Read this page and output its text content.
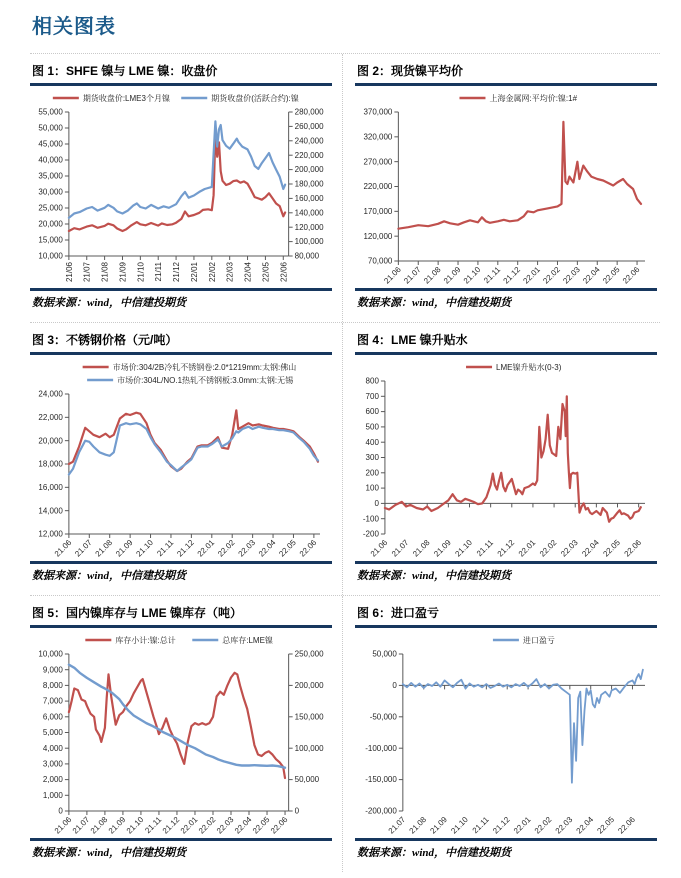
相关图表
图 1：SHFE 镍与 LME 镍：收盘价
期货收盘价:LME3个月镍	期货收盘价(活跃合约):镍
10,000
15,000
20,000
25,000
30,000
35,000
40,000
45,000
50,000
55,000
80,000
100,000
120,000
140,000
160,000
180,000
200,000
220,000
240,000
260,000
280,000
21/06 21/07 21/08 21/09 21/10 21/11 21/12 22/01 22/02 22/03 22/04 22/05 22/06
数据来源：wind，中信建投期货
图 2：现货镍平均价
上海金属网:平均价:镍:1#
70,000
120,000
170,000
220,000
270,000
320,000
370,000
21.06 21.07 21.08 21.09 21.10 21.11 21.12 22.01 22.02 22.03 22.04 22.05 22.06
数据来源：wind，中信建投期货
图 3：不锈钢价格（元/吨）
市场价:304/2B冷轧不锈钢卷:2.0*1219mm:太钢:佛山
市场价:304L/NO.1热轧不锈钢板:3.0mm:太钢:无锡
12,000
14,000
16,000
18,000
20,000
22,000
24,000
21.06 21.07 21.08 21.09 21.10 21.11 21.12 22.01 22.02 22.03 22.04 22.05 22.06
数据来源：wind，中信建投期货
图 4：LME 镍升贴水
LME镍升贴水(0-3)
-200
-100
0
100
200
300
400
500
600
700
800
21.06 21.07 21.08 21.09 21.10 21.11 21.12 22.01 22.02 22.03 22.04 22.05 22.06
数据来源：wind，中信建投期货
图 5：国内镍库存与 LME 镍库存（吨）
库存小计:镍:总计	总库存:LME镍
0
1,000
2,000
3,000
4,000
5,000
6,000
7,000
8,000
9,000
10,000
0
50,000
100,000
150,000
200,000
250,000
21.06
21.07
21.08
21.09
21.10
21.11
21.12
22.01
22.02
22.03
22.04
22.05
22.06
数据来源：wind，中信建投期货
图 6：进口盈亏
进口盈亏
-200,000
-150,000
-100,000
-50,000
0
50,000
21.07 21.08 21.09 21.10 21.11 21.12 22.01 22.02 22.03 22.04 22.05 22.06
数据来源：wind，中信建投期货
